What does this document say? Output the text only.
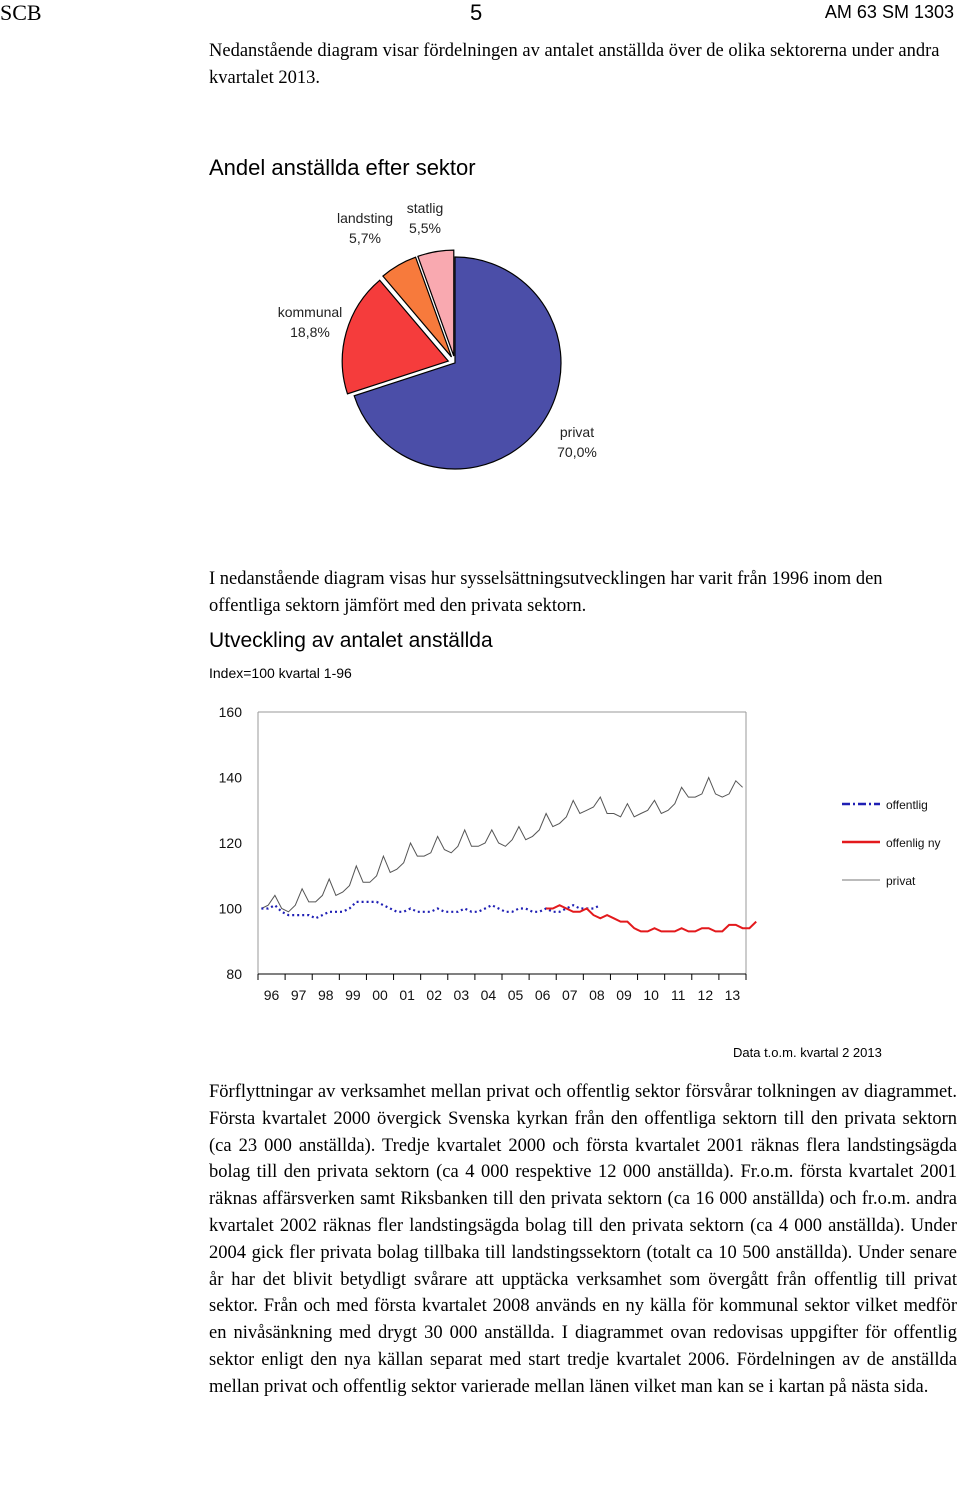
SCB	5	AM 63 SM 1303
Nedanstående diagram visar fördelningen av antalet anställda över de olika sektorerna under andra kvartalet 2013.
Andel anställda efter sektor
landsting
5,7%
statlig
5,5%
kommunal
18,8%
privat
70,0%
I nedanstående diagram visas hur sysselsättningsutvecklingen har varit från 1996 inom den offentliga sektorn jämfört med den privata sektorn.
Utveckling av antalet anställda
Index=100 kvartal 1-96
160
140
120
100
80
96 97 98 99 00 01 02 03 04 05 06 07 08 09 10 11 12 13
offentlig
offenlig ny
privat
Data t.o.m. kvartal 2 2013
Förflyttningar av verksamhet mellan privat och offentlig sektor försvårar tolkningen av diagrammet. Första kvartalet 2000 övergick Svenska kyrkan från den offentliga sektorn till den privata sektorn (ca 23 000 anställda). Tredje kvartalet 2000 och första kvartalet 2001 räknas flera landstingsägda bolag till den privata sektorn (ca 4 000 respektive 12 000 anställda). Fr.o.m. första kvartalet 2001 räknas affärsverken samt Riksbanken till den privata sektorn (ca 16 000 anställda) och fr.o.m. andra kvartalet 2002 räknas fler landstingsägda bolag till den privata sektorn (ca 4 000 anställda). Under 2004 gick fler privata bolag tillbaka till landstingssektorn (totalt ca 10 500 anställda). Under senare år har det blivit betydligt svårare att upptäcka verksamhet som övergått från offentlig till privat sektor. Från och med första kvartalet 2008 används en ny källa för kommunal sektor vilket medför en nivåsänkning med drygt 30 000 anställda. I diagrammet ovan redovisas uppgifter för offentlig sektor enligt den nya källan separat med start tredje kvartalet 2006. Fördelningen av de anställda mellan privat och offentlig sektor varierade mellan länen vilket man kan se i kartan på nästa sida.
